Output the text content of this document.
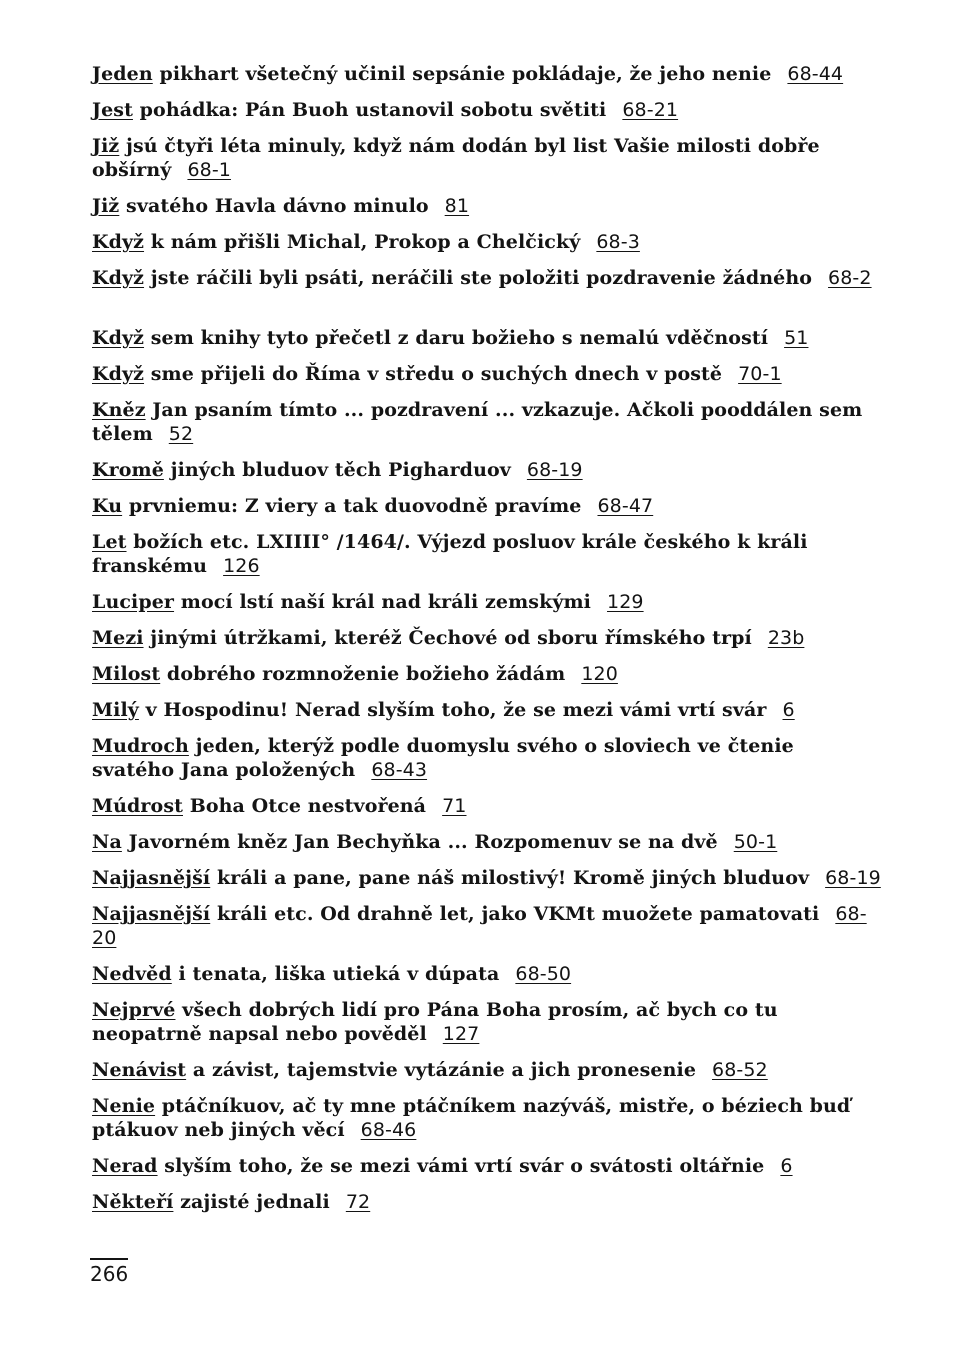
Jeden pikhart všetečný učinil sepsánie pokládaje, že jeho nenie 68-44
Jest pohádka: Pán Buoh ustanovil sobotu světiti 68-21
Již jsú čtyři léta minuly, když nám dodán byl list Vašie milosti dobře obšírný 68-1
Již svatého Havla dávno minulo 81
Když k nám přišli Michal, Prokop a Chelčický 68-3
Když jste ráčili byli psáti, neráčili ste položiti pozdravenie žádného 68-2
Když sem knihy tyto přečetl z daru božieho s nemalú vděčností 51
Když sme přijeli do Říma v středu o suchých dnech v postě 70-1
Kněz Jan psaním tímto ... pozdravení ... vzkazuje. Ačkoli pooddálen sem tělem 52
Kromě jiných bluduov těch Pigharduov 68-19
Ku prvniemu: Z viery a tak duovodně pravíme 68-47
Let božích etc. LXIIII° /1464/. Výjezd posluov krále českého k králi franskému 126
Luciper mocí lstí naší král nad králi zemskými 129
Mezi jinými útržkami, kteréž Čechové od sboru římského trpí 23b
Milost dobrého rozmnoženie božieho žádám 120
Milý v Hospodinu! Nerad slyším toho, že se mezi vámi vrtí svár 6
Mudroch jeden, kterýž podle duomyslu svého o sloviech ve čtenie svatého Jana položených 68-43
Múdrost Boha Otce nestvořená 71
Na Javorném kněz Jan Bechyňka ... Rozpomenuv se na dvě 50-1
Najjasnější králi a pane, pane náš milostivý! Kromě jiných bluduov 68-19
Najjasnější králi etc. Od drahně let, jako VKMt muožete pamatovati 68-20
Nedvěd i tenata, liška utieká v dúpata 68-50
Nejprvé všech dobrých lidí pro Pána Boha prosím, ač bych co tu neopatrně napsal nebo pověděl 127
Nenávist a závist, tajemstvie vytázánie a jich pronesenie 68-52
Nenie ptáčníkuov, ač ty mne ptáčníkem nazýváš, mistře, o béziech buď ptákuov neb jiných věcí 68-46
Nerad slyším toho, že se mezi vámi vrtí svár o svátosti oltářnie 6
Někteří zajisté jednali 72
266
